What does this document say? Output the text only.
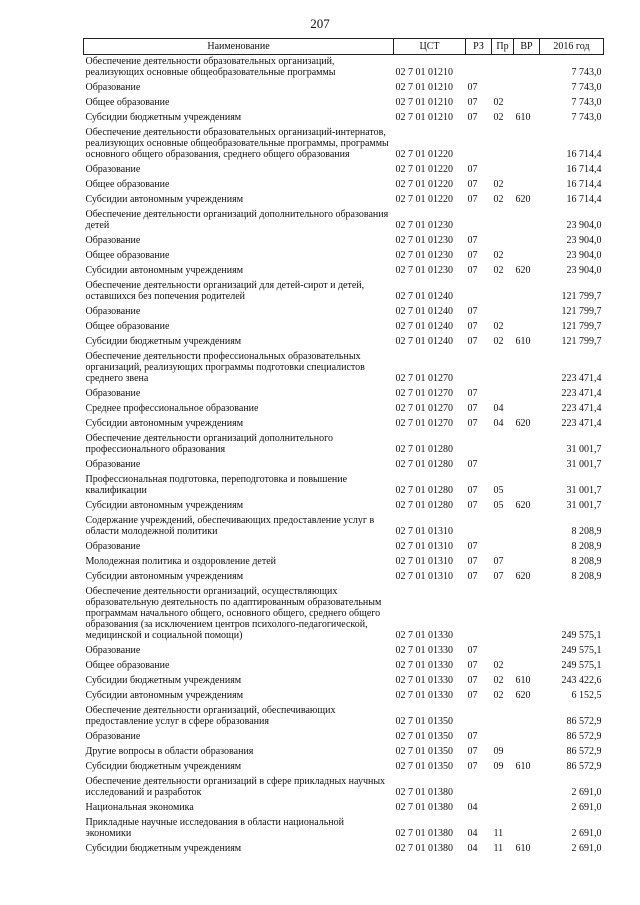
207
Наименование	ЦСТ	РЗ	Пр	ВР	2016 год
Обеспечение деятельности образовательных организаций, реализующих основные общеобразовательные программы	02 7 01 01210				7 743,0
Образование	02 7 01 01210	07			7 743,0
Общее образование	02 7 01 01210	07	02		7 743,0
Субсидии бюджетным учреждениям	02 7 01 01210	07	02	610	7 743,0
Обеспечение деятельности образовательных организаций-интернатов, реализующих основные общеобразовательные программы, программы основного общего образования, среднего общего образования	02 7 01 01220				16 714,4
Образование	02 7 01 01220	07			16 714,4
Общее образование	02 7 01 01220	07	02		16 714,4
Субсидии автономным учреждениям	02 7 01 01220	07	02	620	16 714,4
Обеспечение деятельности организаций дополнительного образования детей	02 7 01 01230				23 904,0
Образование	02 7 01 01230	07			23 904,0
Общее образование	02 7 01 01230	07	02		23 904,0
Субсидии автономным учреждениям	02 7 01 01230	07	02	620	23 904,0
Обеспечение деятельности организаций для детей-сирот и детей, оставшихся без попечения родителей	02 7 01 01240				121 799,7
Образование	02 7 01 01240	07			121 799,7
Общее образование	02 7 01 01240	07	02		121 799,7
Субсидии бюджетным учреждениям	02 7 01 01240	07	02	610	121 799,7
Обеспечение деятельности профессиональных образовательных организаций, реализующих программы подготовки специалистов среднего звена	02 7 01 01270				223 471,4
Образование	02 7 01 01270	07			223 471,4
Среднее профессиональное образование	02 7 01 01270	07	04		223 471,4
Субсидии автономным учреждениям	02 7 01 01270	07	04	620	223 471,4
Обеспечение деятельности организаций дополнительного профессионального образования	02 7 01 01280				31 001,7
Образование	02 7 01 01280	07			31 001,7
Профессиональная подготовка, переподготовка и повышение квалификации	02 7 01 01280	07	05		31 001,7
Субсидии автономным учреждениям	02 7 01 01280	07	05	620	31 001,7
Содержание учреждений, обеспечивающих предоставление услуг в области молодежной политики	02 7 01 01310				8 208,9
Образование	02 7 01 01310	07			8 208,9
Молодежная политика и оздоровление детей	02 7 01 01310	07	07		8 208,9
Субсидии автономным учреждениям	02 7 01 01310	07	07	620	8 208,9
Обеспечение деятельности организаций, осуществляющих образовательную деятельность по адаптированным образовательным программам начального общего, основного общего, среднего общего образования (за исключением центров психолого-педагогической, медицинской и социальной помощи)	02 7 01 01330				249 575,1
Образование	02 7 01 01330	07			249 575,1
Общее образование	02 7 01 01330	07	02		249 575,1
Субсидии бюджетным учреждениям	02 7 01 01330	07	02	610	243 422,6
Субсидии автономным учреждениям	02 7 01 01330	07	02	620	6 152,5
Обеспечение деятельности организаций, обеспечивающих предоставление услуг в сфере образования	02 7 01 01350				86 572,9
Образование	02 7 01 01350	07			86 572,9
Другие вопросы в области образования	02 7 01 01350	07	09		86 572,9
Субсидии бюджетным учреждениям	02 7 01 01350	07	09	610	86 572,9
Обеспечение деятельности организаций в сфере прикладных научных исследований и разработок	02 7 01 01380				2 691,0
Национальная экономика	02 7 01 01380	04			2 691,0
Прикладные научные исследования в области национальной экономики	02 7 01 01380	04	11		2 691,0
Субсидии бюджетным учреждениям	02 7 01 01380	04	11	610	2 691,0
